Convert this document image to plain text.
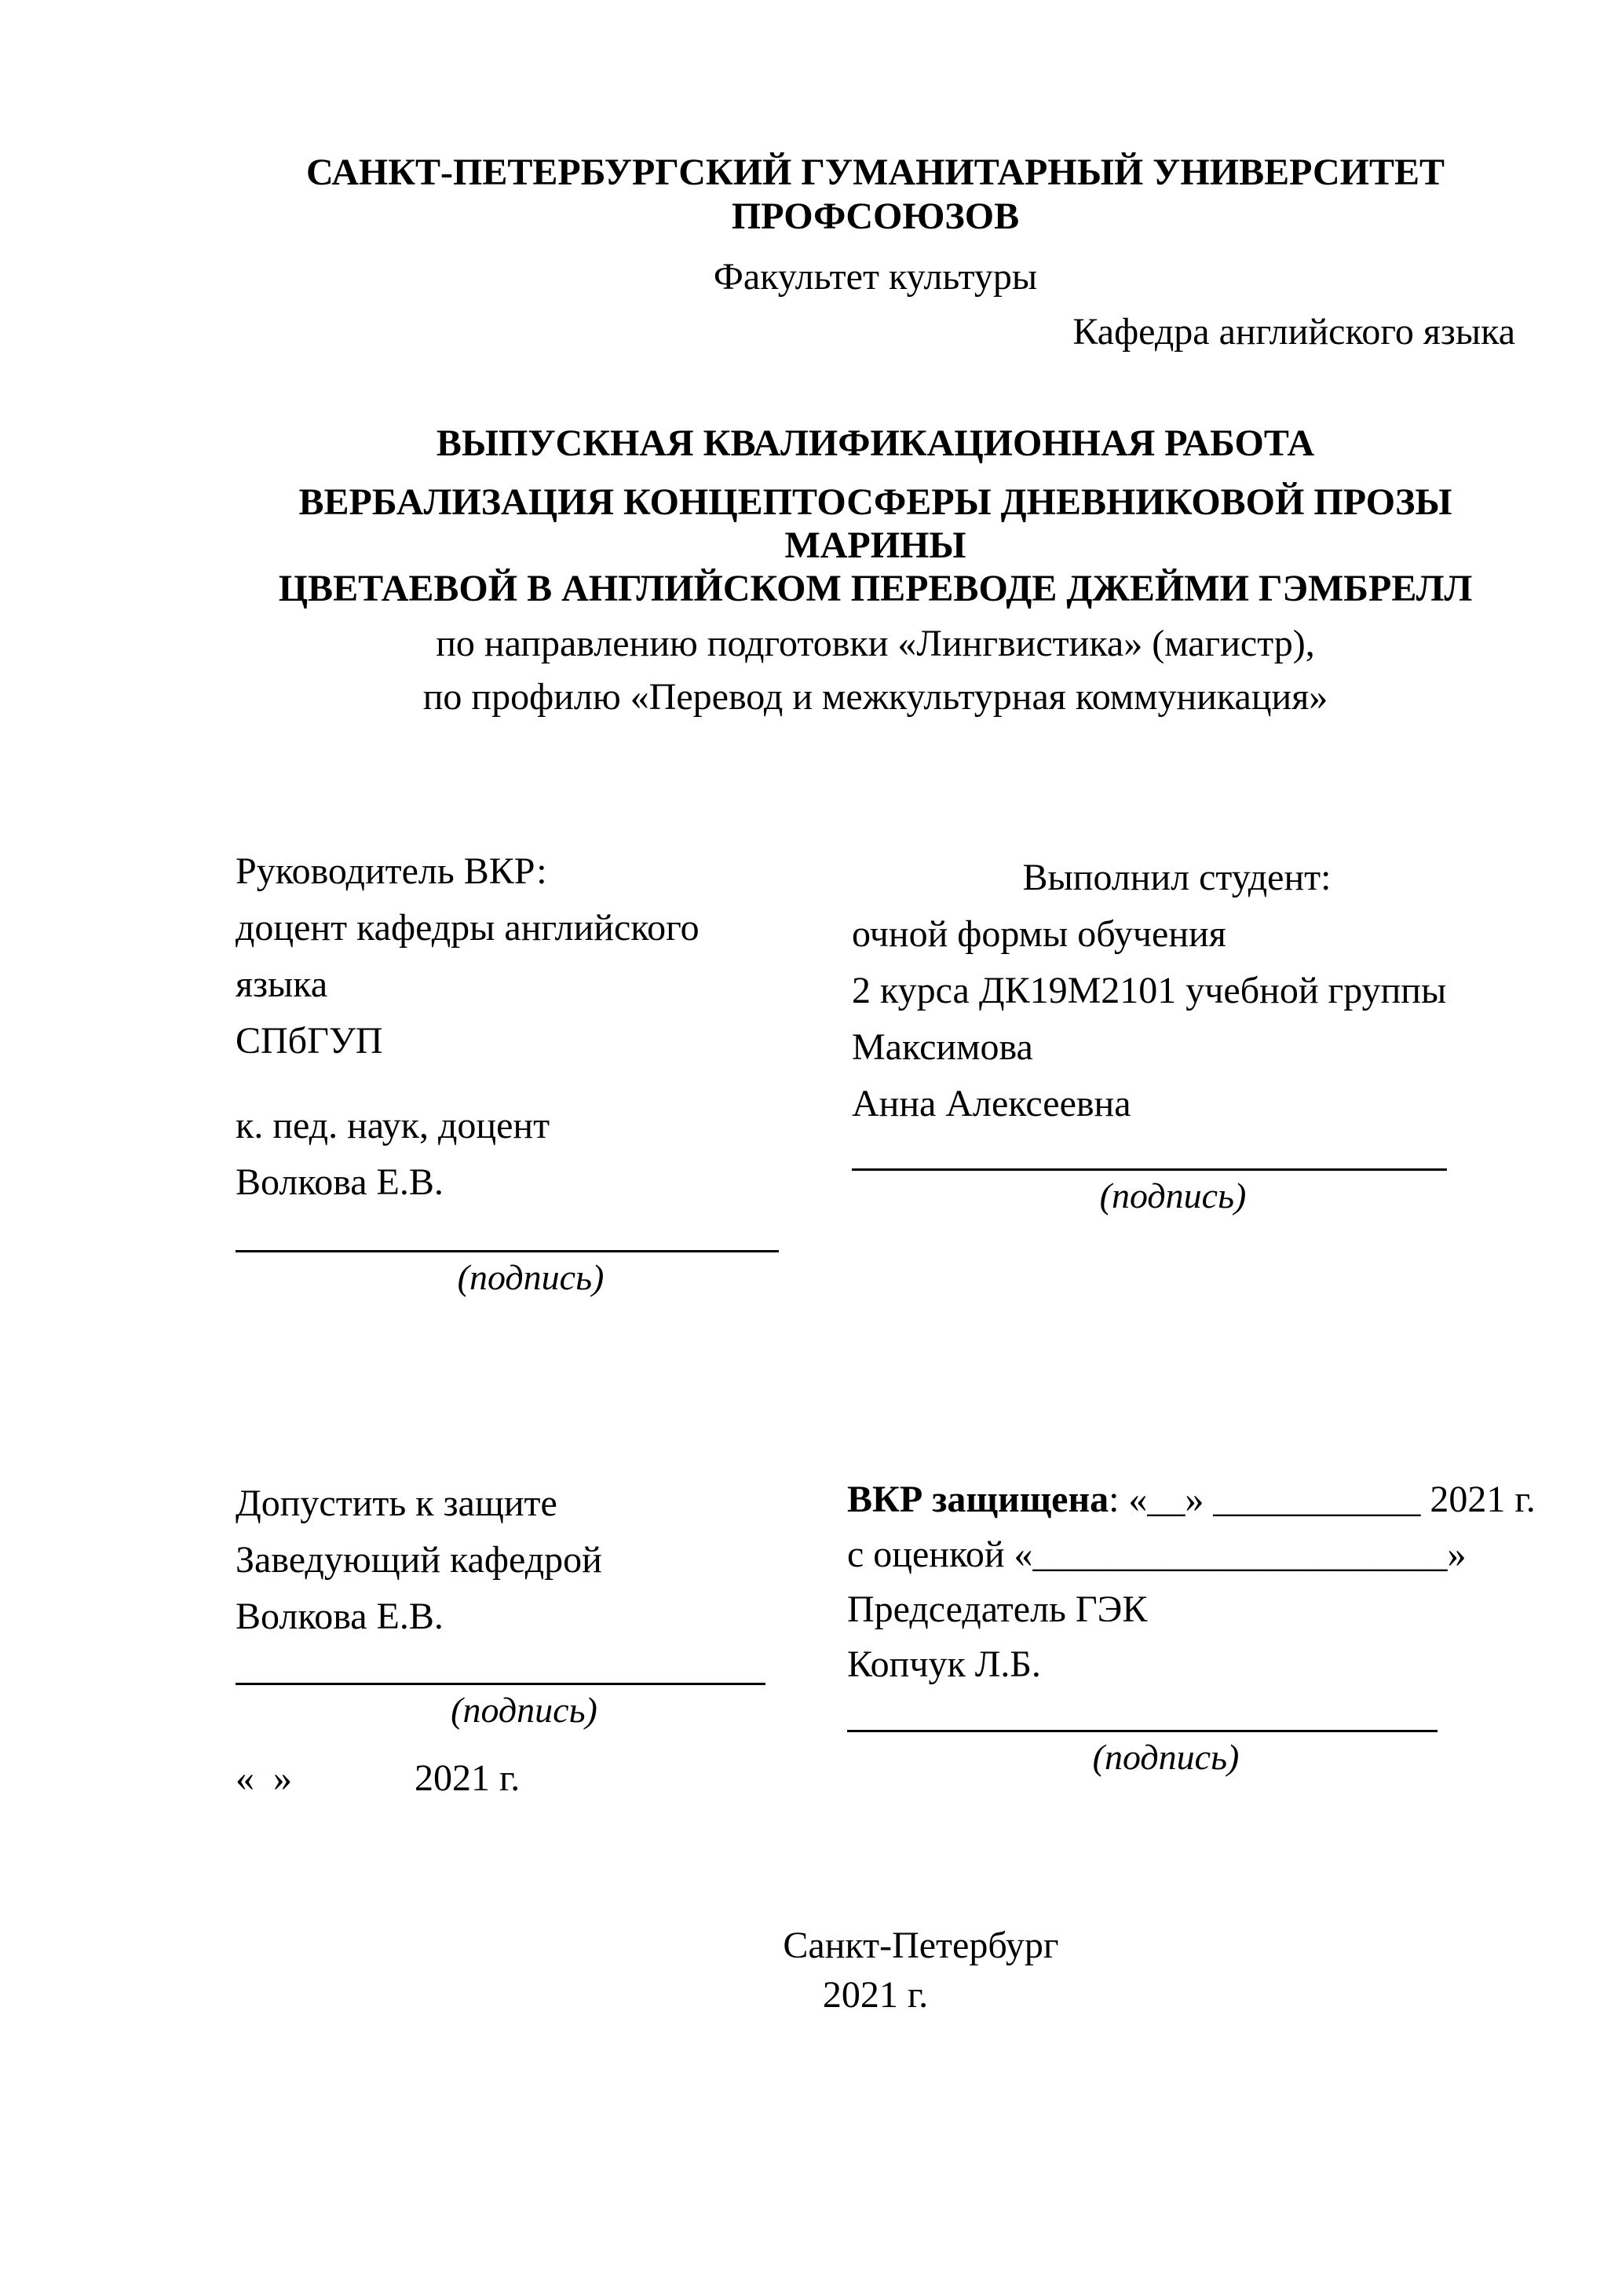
САНКТ-ПЕТЕРБУРГСКИЙ ГУМАНИТАРНЫЙ УНИВЕРСИТЕТ ПРОФСОЮЗОВ
Факультет культуры
Кафедра английского языка
ВЫПУСКНАЯ КВАЛИФИКАЦИОННАЯ РАБОТА
ВЕРБАЛИЗАЦИЯ КОНЦЕПТОСФЕРЫ ДНЕВНИКОВОЙ ПРОЗЫ МАРИНЫ
ЦВЕТАЕВОЙ В АНГЛИЙСКОМ ПЕРЕВОДЕ ДЖЕЙМИ ГЭМБРЕЛЛ
по направлению подготовки «Лингвистика» (магистр),
по профилю «Перевод и межкультурная коммуникация»
Руководитель ВКР:
доцент кафедры английского языка
СПбГУП
к. пед. наук, доцент
Волкова Е.В.
(подпись)
Выполнил студент:
очной формы обучения
2 курса ДК19М2101 учебной группы
Максимова
Анна Алексеевна
(подпись)
Допустить к защите
Заведующий кафедрой
Волкова Е.В.
(подпись)
«  »             2021 г.
ВКР защищена: «__» ___________ 2021 г.
с оценкой «______________________»
Председатель ГЭК
Копчук Л.Б.
(подпись)
Санкт-Петербург
2021 г.
